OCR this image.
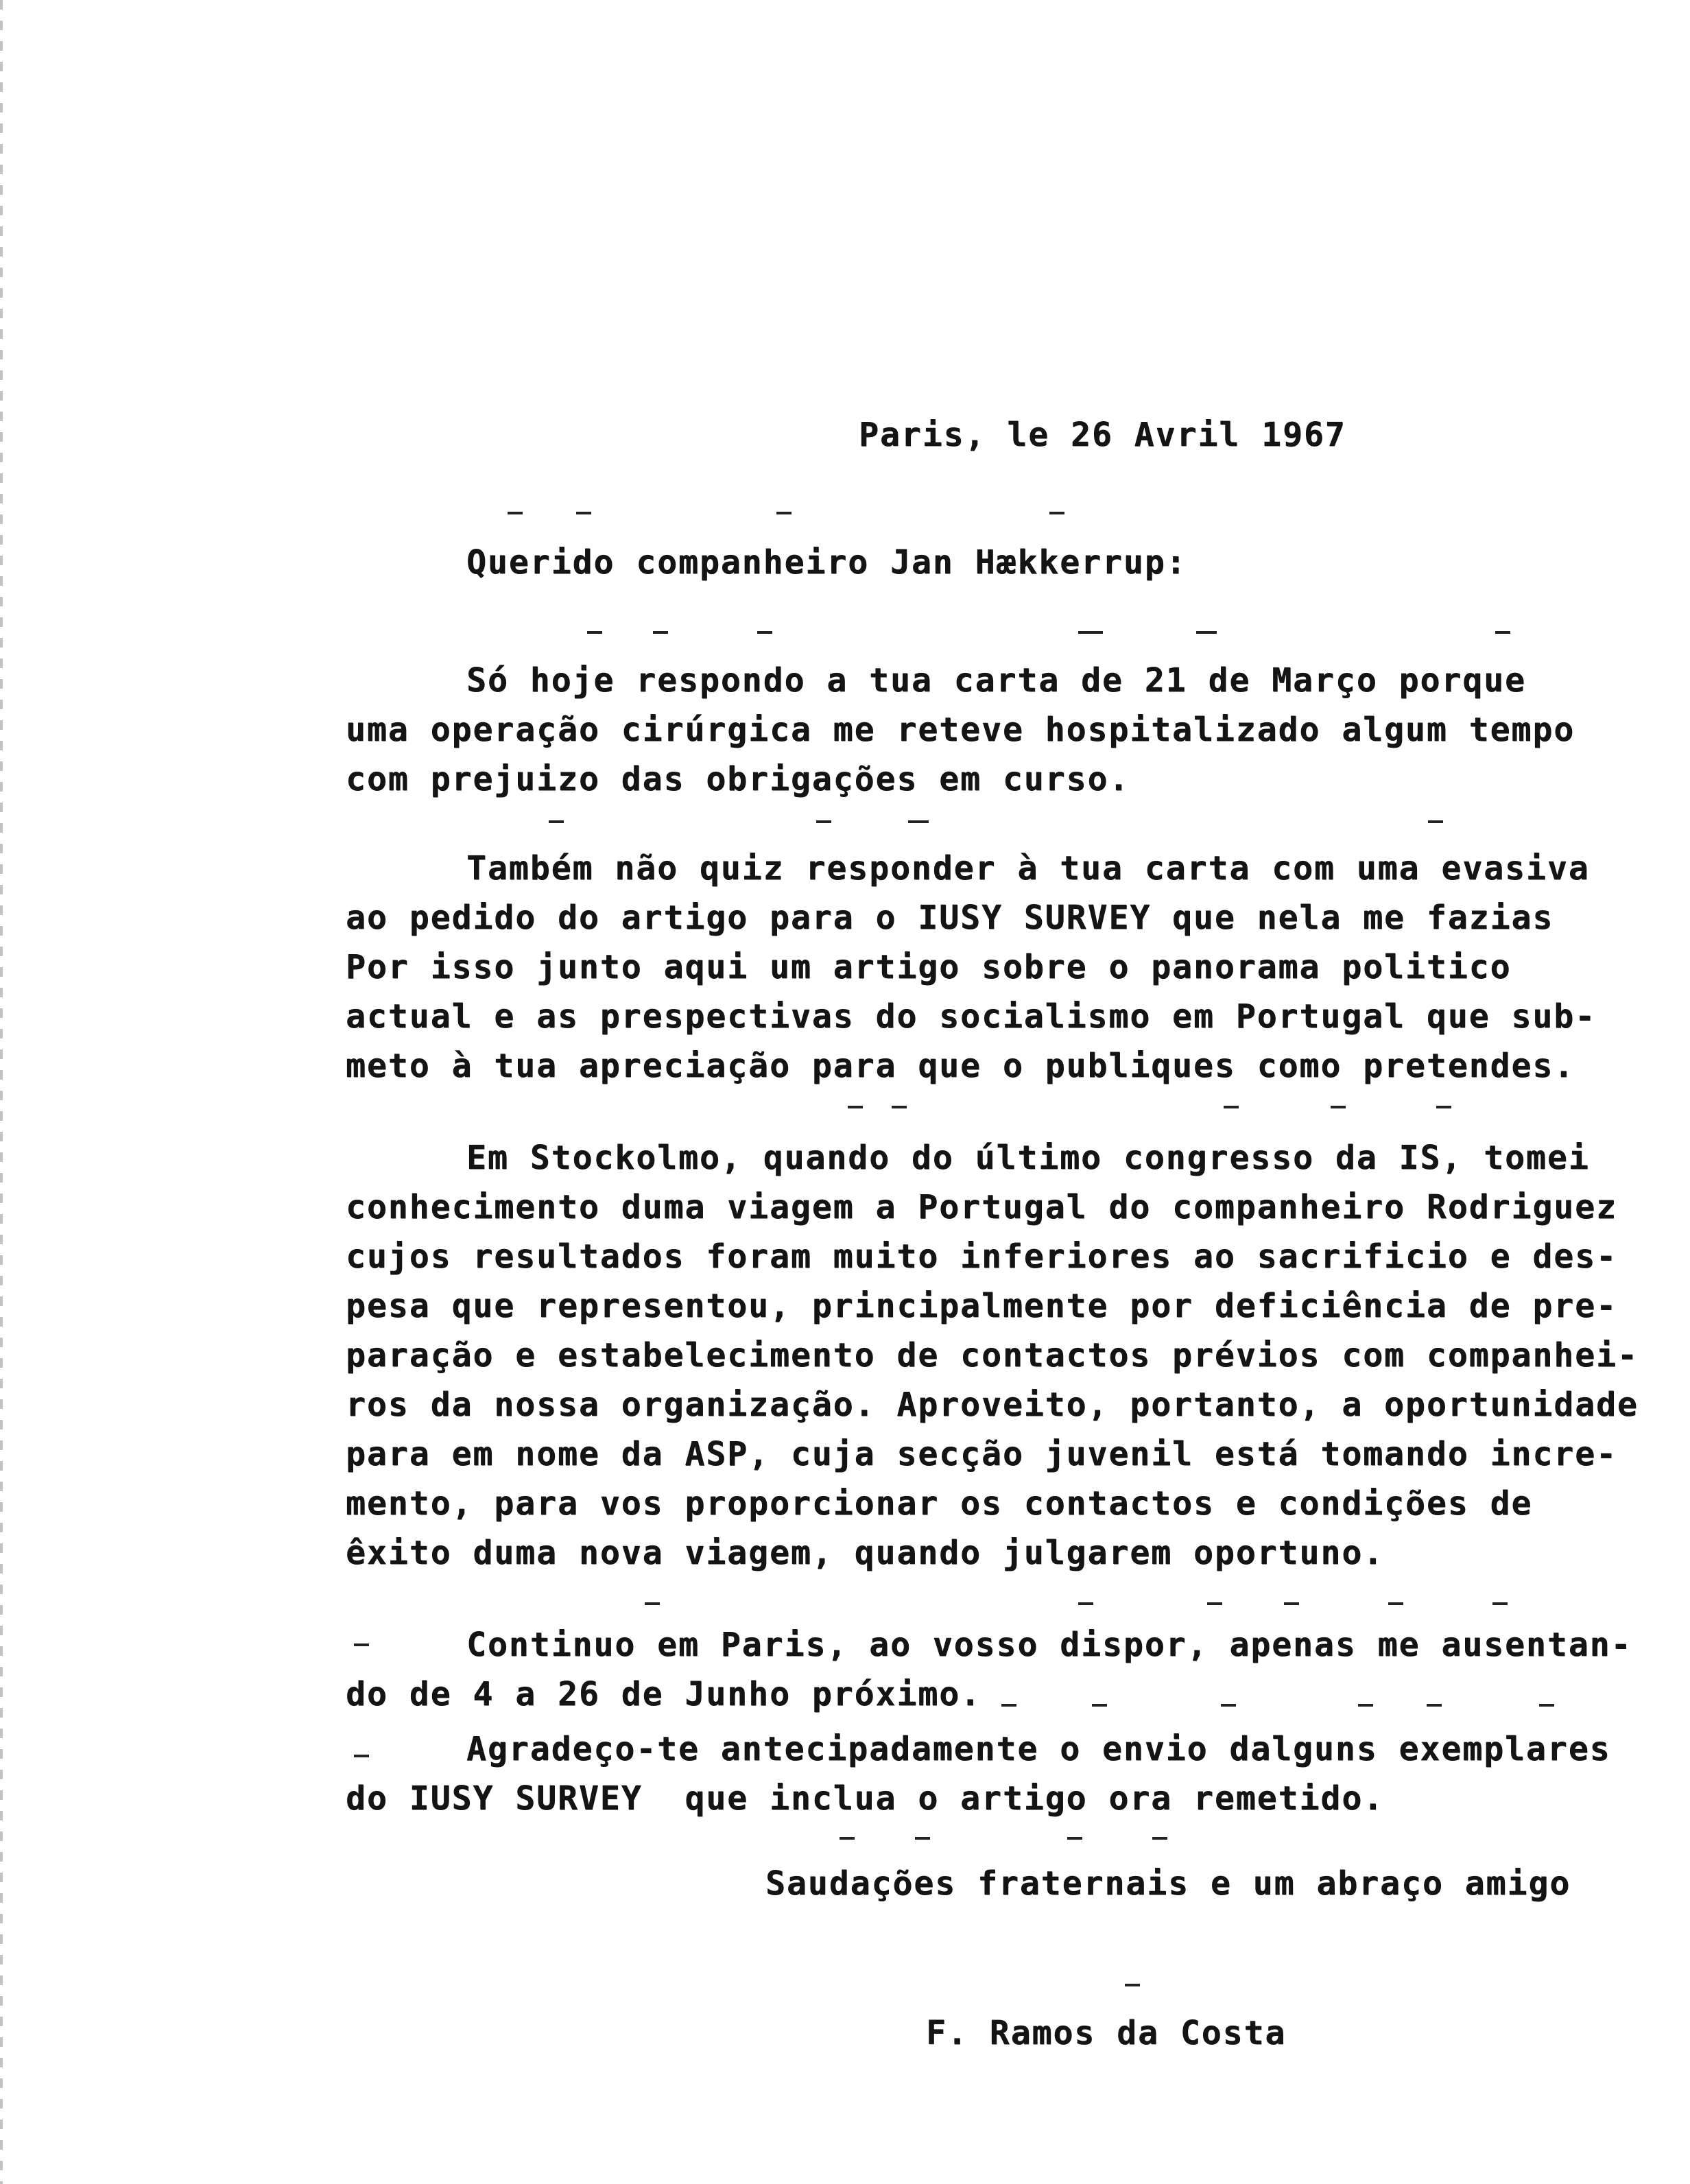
Paris, le 26 Avril 1967
Querido companheiro Jan Hækkerrup:
Só hoje respondo a tua carta de 21 de Março porque
uma operação cirúrgica me reteve hospitalizado algum tempo
com prejuizo das obrigações em curso.
Também não quiz responder à tua carta com uma evasiva
ao pedido do artigo para o IUSY SURVEY que nela me fazias
Por isso junto aqui um artigo sobre o panorama politico
actual e as prespectivas do socialismo em Portugal que sub-
meto à tua apreciação para que o publiques como pretendes.
Em Stockolmo, quando do último congresso da IS, tomei
conhecimento duma viagem a Portugal do companheiro Rodriguez
cujos resultados foram muito inferiores ao sacrificio e des-
pesa que representou, principalmente por deficiência de pre-
paração e estabelecimento de contactos prévios com companhei-
ros da nossa organização. Aproveito, portanto, a oportunidade
para em nome da ASP, cuja secção juvenil está tomando incre-
mento, para vos proporcionar os contactos e condições de
êxito duma nova viagem, quando julgarem oportuno.
Continuo em Paris, ao vosso dispor, apenas me ausentan-
do de 4 a 26 de Junho próximo.
Agradeço-te antecipadamente o envio dalguns exemplares
do IUSY SURVEY  que inclua o artigo ora remetido.
Saudações fraternais e um abraço amigo
F. Ramos da Costa
